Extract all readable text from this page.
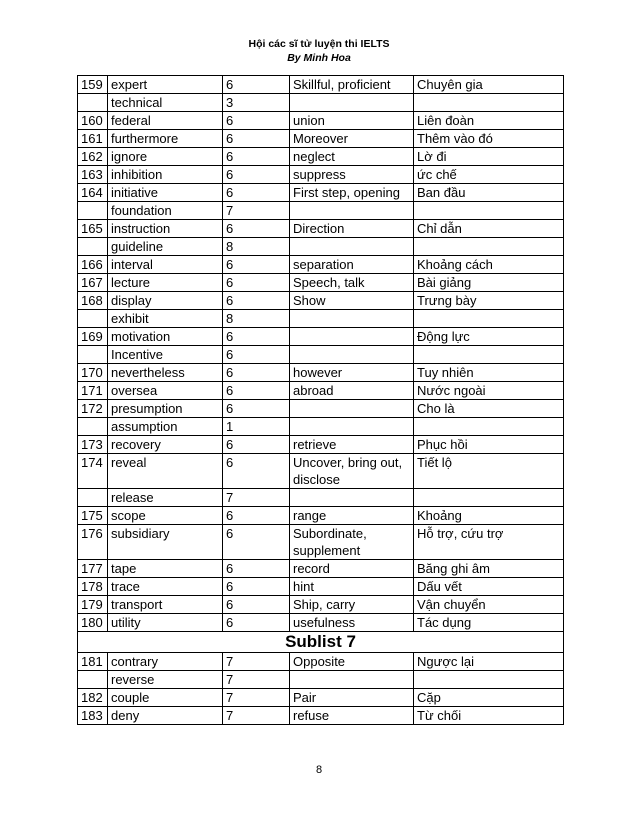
Hội các sĩ tử luyện thi IELTS
By Minh Hoa
159	expert	6	Skillful, proficient	Chuyên gia
	technical	3		
160	federal	6	union	Liên đoàn
161	furthermore	6	Moreover	Thêm vào đó
162	ignore	6	neglect	Lờ đi
163	inhibition	6	suppress	ức chế
164	initiative	6	First step, opening	Ban đầu
	foundation	7		
165	instruction	6	Direction	Chỉ dẫn
	guideline	8		
166	interval	6	separation	Khoảng cách
167	lecture	6	Speech, talk	Bài giảng
168	display	6	Show	Trưng bày
	exhibit	8		
169	motivation	6		Động lực
	Incentive	6		
170	nevertheless	6	however	Tuy nhiên
171	oversea	6	abroad	Nước ngoài
172	presumption	6		Cho là
	assumption	1		
173	recovery	6	retrieve	Phục hồi
174	reveal	6	Uncover, bring out, disclose	Tiết lộ
	release	7		
175	scope	6	range	Khoảng
176	subsidiary	6	Subordinate, supplement	Hỗ trợ, cứu trợ
177	tape	6	record	Băng ghi âm
178	trace	6	hint	Dấu vết
179	transport	6	Ship, carry	Vận chuyển
180	utility	6	usefulness	Tác dụng
Sublist 7				
181	contrary	7	Opposite	Ngược lại
	reverse	7		
182	couple	7	Pair	Cặp
183	deny	7	refuse	Từ chối
8
